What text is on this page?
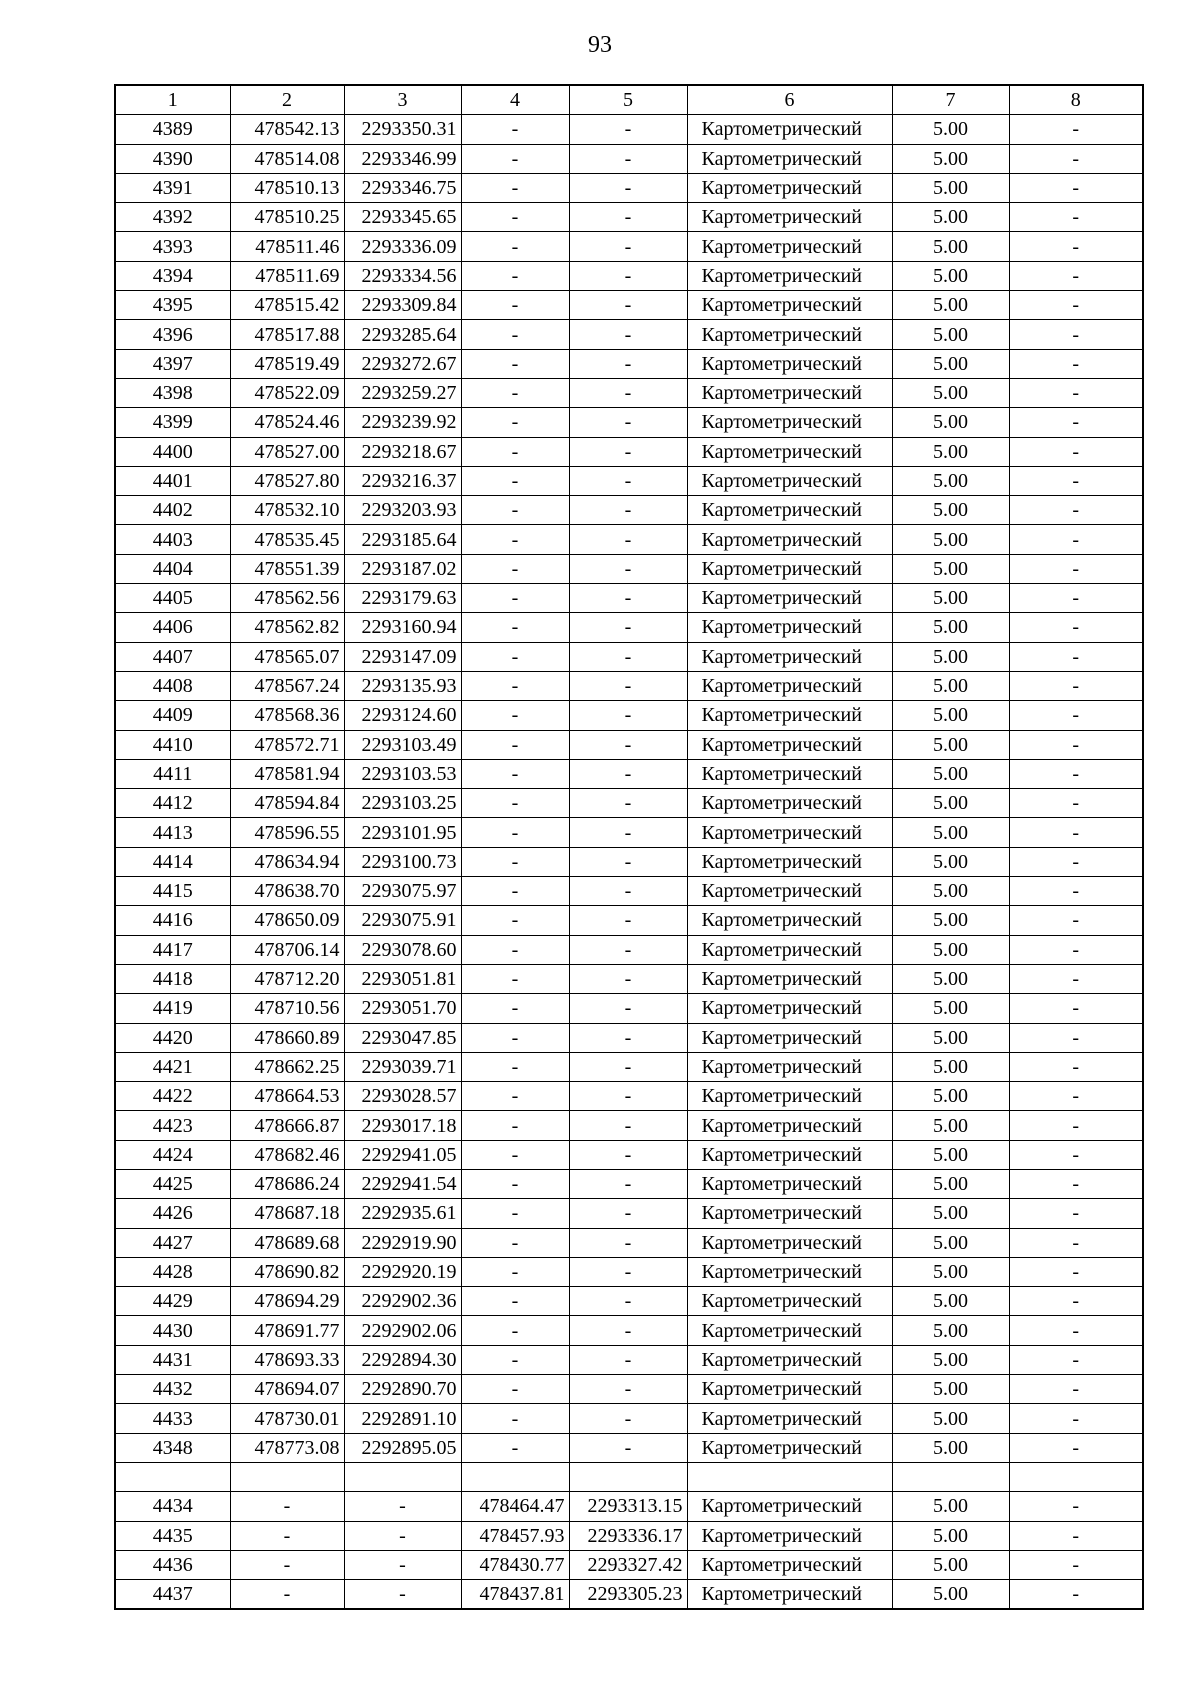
93
1	2	3	4	5	6	7	8
4389	478542.13	2293350.31	-	-	Картометрический	5.00	-
4390	478514.08	2293346.99	-	-	Картометрический	5.00	-
4391	478510.13	2293346.75	-	-	Картометрический	5.00	-
4392	478510.25	2293345.65	-	-	Картометрический	5.00	-
4393	478511.46	2293336.09	-	-	Картометрический	5.00	-
4394	478511.69	2293334.56	-	-	Картометрический	5.00	-
4395	478515.42	2293309.84	-	-	Картометрический	5.00	-
4396	478517.88	2293285.64	-	-	Картометрический	5.00	-
4397	478519.49	2293272.67	-	-	Картометрический	5.00	-
4398	478522.09	2293259.27	-	-	Картометрический	5.00	-
4399	478524.46	2293239.92	-	-	Картометрический	5.00	-
4400	478527.00	2293218.67	-	-	Картометрический	5.00	-
4401	478527.80	2293216.37	-	-	Картометрический	5.00	-
4402	478532.10	2293203.93	-	-	Картометрический	5.00	-
4403	478535.45	2293185.64	-	-	Картометрический	5.00	-
4404	478551.39	2293187.02	-	-	Картометрический	5.00	-
4405	478562.56	2293179.63	-	-	Картометрический	5.00	-
4406	478562.82	2293160.94	-	-	Картометрический	5.00	-
4407	478565.07	2293147.09	-	-	Картометрический	5.00	-
4408	478567.24	2293135.93	-	-	Картометрический	5.00	-
4409	478568.36	2293124.60	-	-	Картометрический	5.00	-
4410	478572.71	2293103.49	-	-	Картометрический	5.00	-
4411	478581.94	2293103.53	-	-	Картометрический	5.00	-
4412	478594.84	2293103.25	-	-	Картометрический	5.00	-
4413	478596.55	2293101.95	-	-	Картометрический	5.00	-
4414	478634.94	2293100.73	-	-	Картометрический	5.00	-
4415	478638.70	2293075.97	-	-	Картометрический	5.00	-
4416	478650.09	2293075.91	-	-	Картометрический	5.00	-
4417	478706.14	2293078.60	-	-	Картометрический	5.00	-
4418	478712.20	2293051.81	-	-	Картометрический	5.00	-
4419	478710.56	2293051.70	-	-	Картометрический	5.00	-
4420	478660.89	2293047.85	-	-	Картометрический	5.00	-
4421	478662.25	2293039.71	-	-	Картометрический	5.00	-
4422	478664.53	2293028.57	-	-	Картометрический	5.00	-
4423	478666.87	2293017.18	-	-	Картометрический	5.00	-
4424	478682.46	2292941.05	-	-	Картометрический	5.00	-
4425	478686.24	2292941.54	-	-	Картометрический	5.00	-
4426	478687.18	2292935.61	-	-	Картометрический	5.00	-
4427	478689.68	2292919.90	-	-	Картометрический	5.00	-
4428	478690.82	2292920.19	-	-	Картометрический	5.00	-
4429	478694.29	2292902.36	-	-	Картометрический	5.00	-
4430	478691.77	2292902.06	-	-	Картометрический	5.00	-
4431	478693.33	2292894.30	-	-	Картометрический	5.00	-
4432	478694.07	2292890.70	-	-	Картометрический	5.00	-
4433	478730.01	2292891.10	-	-	Картометрический	5.00	-
4348	478773.08	2292895.05	-	-	Картометрический	5.00	-

4434	-	-	478464.47	2293313.15	Картометрический	5.00	-
4435	-	-	478457.93	2293336.17	Картометрический	5.00	-
4436	-	-	478430.77	2293327.42	Картометрический	5.00	-
4437	-	-	478437.81	2293305.23	Картометрический	5.00	-
